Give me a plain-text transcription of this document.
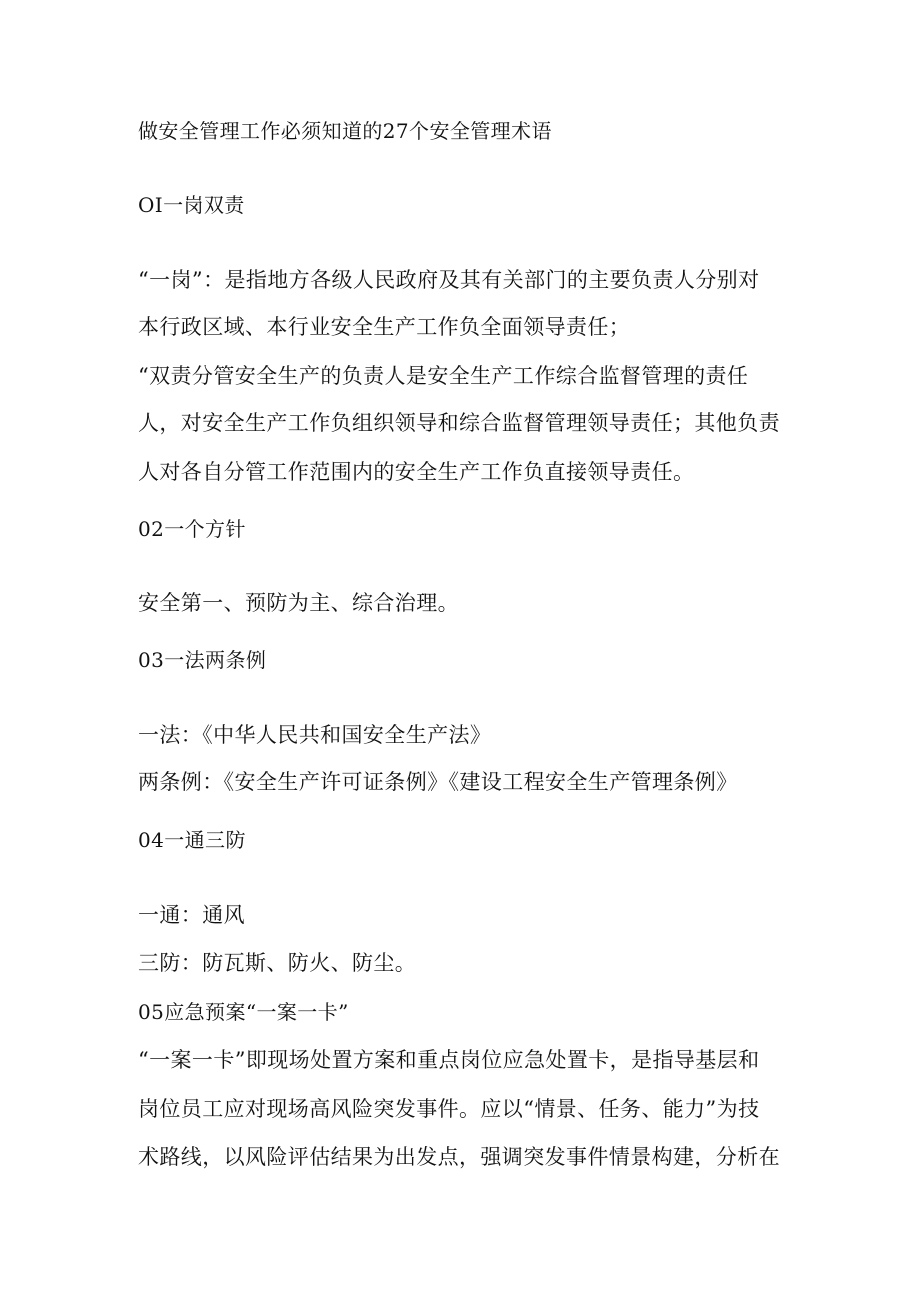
做安全管理工作必须知道的27个安全管理术语
OI一岗双责
“一岗”：是指地方各级人民政府及其有关部门的主要负责人分别对
本行政区域、本行业安全生产工作负全面领导责任；
“双责分管安全生产的负责人是安全生产工作综合监督管理的责任
人，对安全生产工作负组织领导和综合监督管理领导责任；其他负责
人对各自分管工作范围内的安全生产工作负直接领导责任。
02一个方针
安全第一、预防为主、综合治理。
03一法两条例
一法：《中华人民共和国安全生产法》
两条例：《安全生产许可证条例》《建设工程安全生产管理条例》
04一通三防
一通：通风
三防：防瓦斯、防火、防尘。
05应急预案“一案一卡”
“一案一卡”即现场处置方案和重点岗位应急处置卡，是指导基层和
岗位员工应对现场高风险突发事件。应以“情景、任务、能力”为技
术路线，以风险评估结果为出发点，强调突发事件情景构建，分析在
